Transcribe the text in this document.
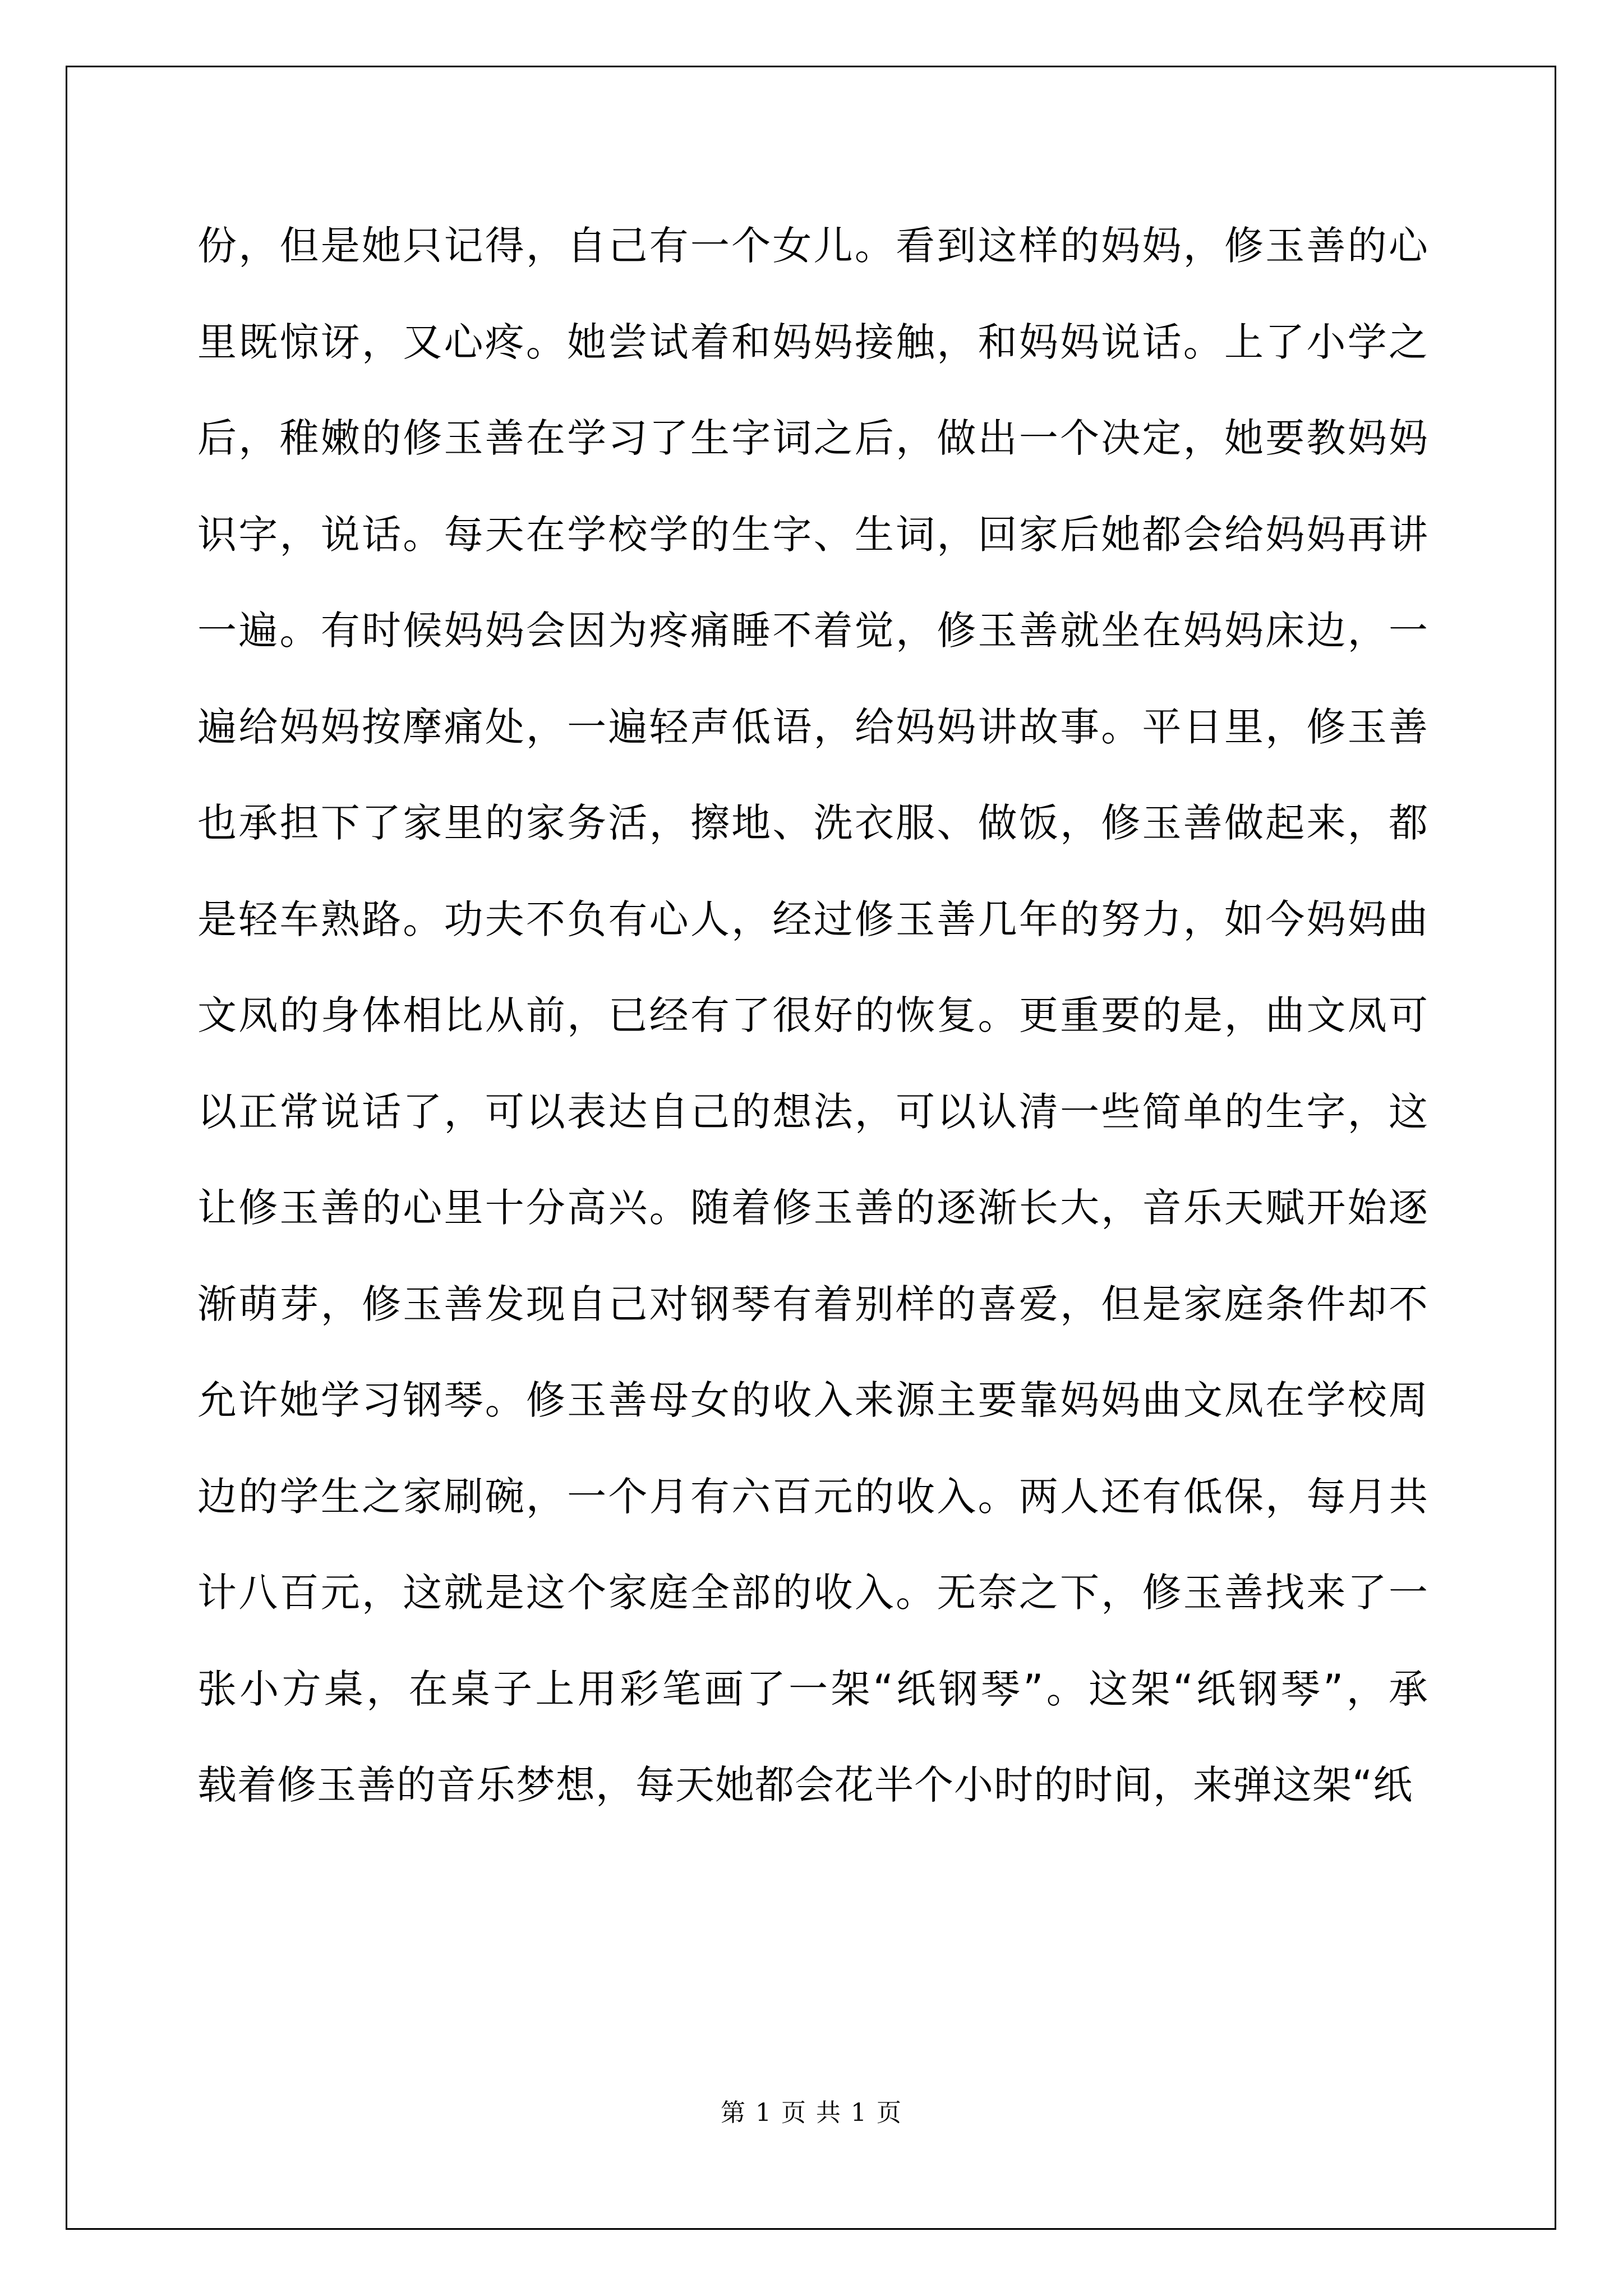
份，但是她只记得，自己有一个女儿。看到这样的妈妈，修玉善的心
里既惊讶，又心疼。她尝试着和妈妈接触，和妈妈说话。上了小学之
后，稚嫩的修玉善在学习了生字词之后，做出一个决定，她要教妈妈
识字，说话。每天在学校学的生字、生词，回家后她都会给妈妈再讲
一遍。有时候妈妈会因为疼痛睡不着觉，修玉善就坐在妈妈床边，一
遍给妈妈按摩痛处，一遍轻声低语，给妈妈讲故事。平日里，修玉善
也承担下了家里的家务活，擦地、洗衣服、做饭，修玉善做起来，都
是轻车熟路。功夫不负有心人，经过修玉善几年的努力，如今妈妈曲
文凤的身体相比从前，已经有了很好的恢复。更重要的是，曲文凤可
以正常说话了，可以表达自己的想法，可以认清一些简单的生字，这
让修玉善的心里十分高兴。随着修玉善的逐渐长大，音乐天赋开始逐
渐萌芽，修玉善发现自己对钢琴有着别样的喜爱，但是家庭条件却不
允许她学习钢琴。修玉善母女的收入来源主要靠妈妈曲文凤在学校周
边的学生之家刷碗，一个月有六百元的收入。两人还有低保，每月共
计八百元，这就是这个家庭全部的收入。无奈之下，修玉善找来了一
张小方桌，在桌子上用彩笔画了一架“纸钢琴”。这架“纸钢琴”，承
载着修玉善的音乐梦想，每天她都会花半个小时的时间，来弹这架“纸
第 1 页 共 1 页
